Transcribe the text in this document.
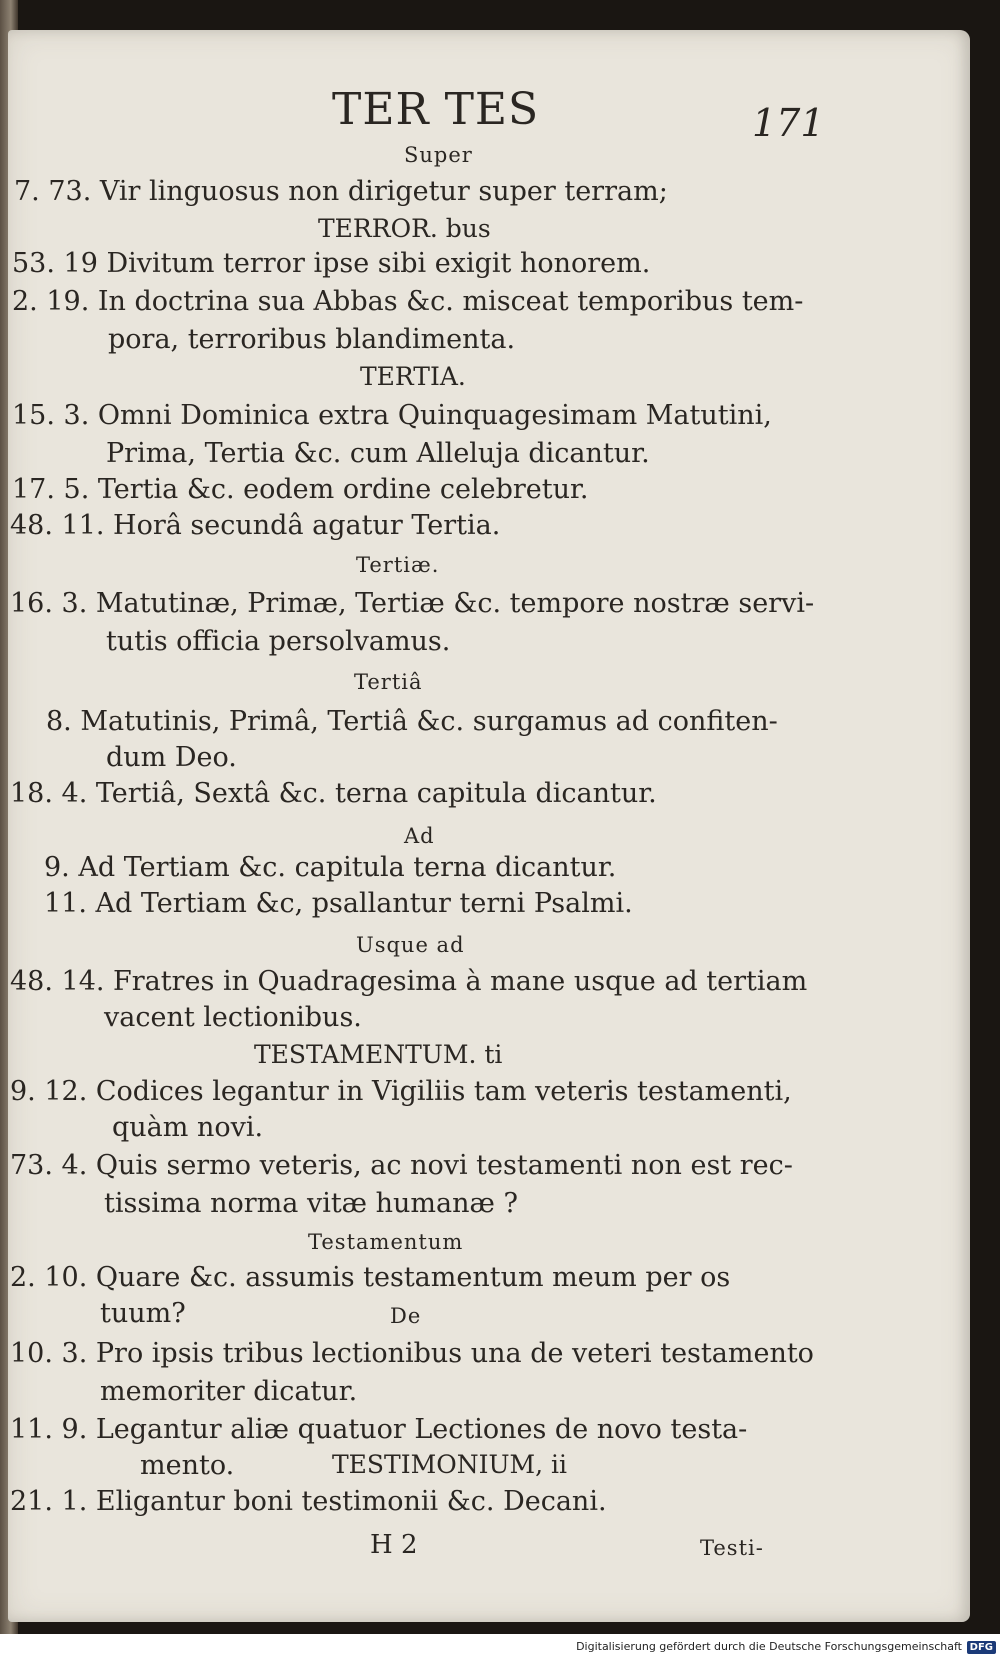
TER TES	171
Super
7. 73. Vir linguosus non dirigetur super terram;
TERROR. bus
53. 19 Divitum terror ipse sibi exigit honorem.
2. 19. In doctrina sua Abbas &c. misceat temporibus tem-
pora, terroribus blandimenta.
TERTIA.
15. 3. Omni Dominica extra Quinquagesimam Matutini,
Prima, Tertia &c. cum Alleluja dicantur.
17. 5. Tertia &c. eodem ordine celebretur.
48. 11. Horâ secundâ agatur Tertia.
Tertiæ.
16. 3. Matutinæ, Primæ, Tertiæ &c. tempore nostræ servi-
tutis officia persolvamus.
Tertiâ
8. Matutinis, Primâ, Tertiâ &c. surgamus ad confiten-
dum Deo.
18. 4. Tertiâ, Sextâ &c. terna capitula dicantur.
Ad
9. Ad Tertiam &c. capitula terna dicantur.
11. Ad Tertiam &c, psallantur terni Psalmi.
Usque ad
48. 14. Fratres in Quadragesima à mane usque ad tertiam
vacent lectionibus.
TESTAMENTUM. ti
9. 12. Codices legantur in Vigiliis tam veteris testamenti,
quàm novi.
73. 4. Quis sermo veteris, ac novi testamenti non est rec-
tissima norma vitæ humanæ ?
Testamentum
2. 10. Quare &c. assumis testamentum meum per os
tuum?	De
10. 3. Pro ipsis tribus lectionibus una de veteri testamento
memoriter dicatur.
11. 9. Legantur aliæ quatuor Lectiones de novo testa-
mento.	TESTIMONIUM, ii
21. 1. Eligantur boni testimonii &c. Decani.
H 2	Testi-
Digitalisierung gefördert durch die Deutsche Forschungsgemeinschaft DFG
